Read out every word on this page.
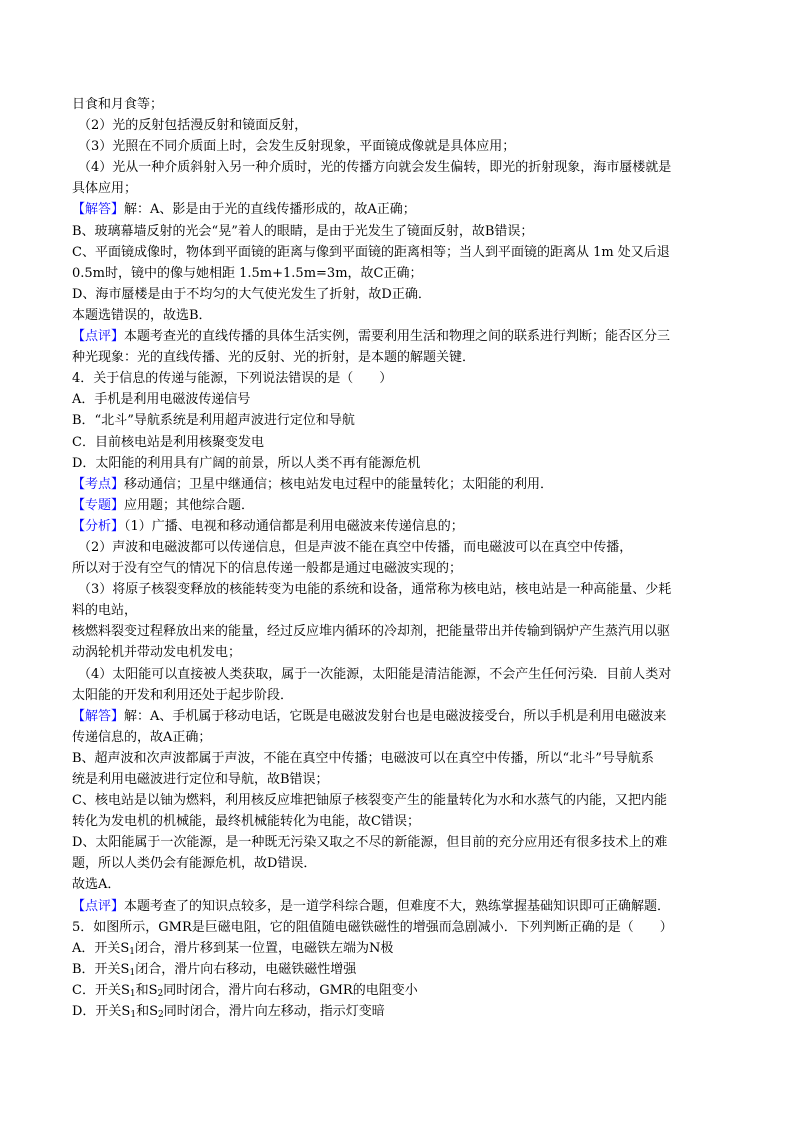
日食和月食等；
（2）光的反射包括漫反射和镜面反射，
（3）光照在不同介质面上时，会发生反射现象，平面镜成像就是具体应用；
（4）光从一种介质斜射入另一种介质时，光的传播方向就会发生偏转，即光的折射现象，海市蜃楼就是
具体应用；
【解答】解：A、影是由于光的直线传播形成的，故A正确；
B、玻璃幕墙反射的光会“晃”着人的眼睛，是由于光发生了镜面反射，故B错误；
C、平面镜成像时，物体到平面镜的距离与像到平面镜的距离相等；当人到平面镜的距离从 1m 处又后退
0.5m时，镜中的像与她相距 1.5m+1.5m=3m，故C正确；
D、海市蜃楼是由于不均匀的大气使光发生了折射，故D正确．
本题选错误的，故选B．
【点评】本题考查光的直线传播的具体生活实例，需要利用生活和物理之间的联系进行判断；能否区分三
种光现象：光的直线传播、光的反射、光的折射，是本题的解题关键．
4．关于信息的传递与能源，下列说法错误的是（　　）
A．手机是利用电磁波传递信号
B．“北斗”导航系统是利用超声波进行定位和导航
C．目前核电站是利用核聚变发电
D．太阳能的利用具有广阔的前景，所以人类不再有能源危机
【考点】移动通信；卫星中继通信；核电站发电过程中的能量转化；太阳能的利用．
【专题】应用题；其他综合题．
【分析】（1）广播、电视和移动通信都是利用电磁波来传递信息的；
（2）声波和电磁波都可以传递信息，但是声波不能在真空中传播，而电磁波可以在真空中传播，
所以对于没有空气的情况下的信息传递一般都是通过电磁波实现的；
（3）将原子核裂变释放的核能转变为电能的系统和设备，通常称为核电站，核电站是一种高能量、少耗
料的电站，
核燃料裂变过程释放出来的能量，经过反应堆内循环的冷却剂，把能量带出并传输到锅炉产生蒸汽用以驱
动涡轮机并带动发电机发电；
（4）太阳能可以直接被人类获取，属于一次能源，太阳能是清洁能源，不会产生任何污染．目前人类对
太阳能的开发和利用还处于起步阶段．
【解答】解：A、手机属于移动电话，它既是电磁波发射台也是电磁波接受台，所以手机是利用电磁波来
传递信息的，故A正确；
B、超声波和次声波都属于声波，不能在真空中传播；电磁波可以在真空中传播，所以“北斗”号导航系
统是利用电磁波进行定位和导航，故B错误；
C、核电站是以铀为燃料，利用核反应堆把铀原子核裂变产生的能量转化为水和水蒸气的内能，又把内能
转化为发电机的机械能，最终机械能转化为电能，故C错误；
D、太阳能属于一次能源，是一种既无污染又取之不尽的新能源，但目前的充分应用还有很多技术上的难
题，所以人类仍会有能源危机，故D错误．
故选A．
【点评】本题考查了的知识点较多，是一道学科综合题，但难度不大，熟练掌握基础知识即可正确解题．
5．如图所示，GMR是巨磁电阻，它的阻值随电磁铁磁性的增强而急剧减小．下列判断正确的是（　　）
A．开关$S_1$闭合，滑片移到某一位置，电磁铁左端为N极
B．开关$S_1$闭合，滑片向右移动，电磁铁磁性增强
C．开关$S_1$和$S_2$同时闭合，滑片向右移动，GMR的电阻变小
D．开关$S_1$和$S_2$同时闭合，滑片向左移动，指示灯变暗
